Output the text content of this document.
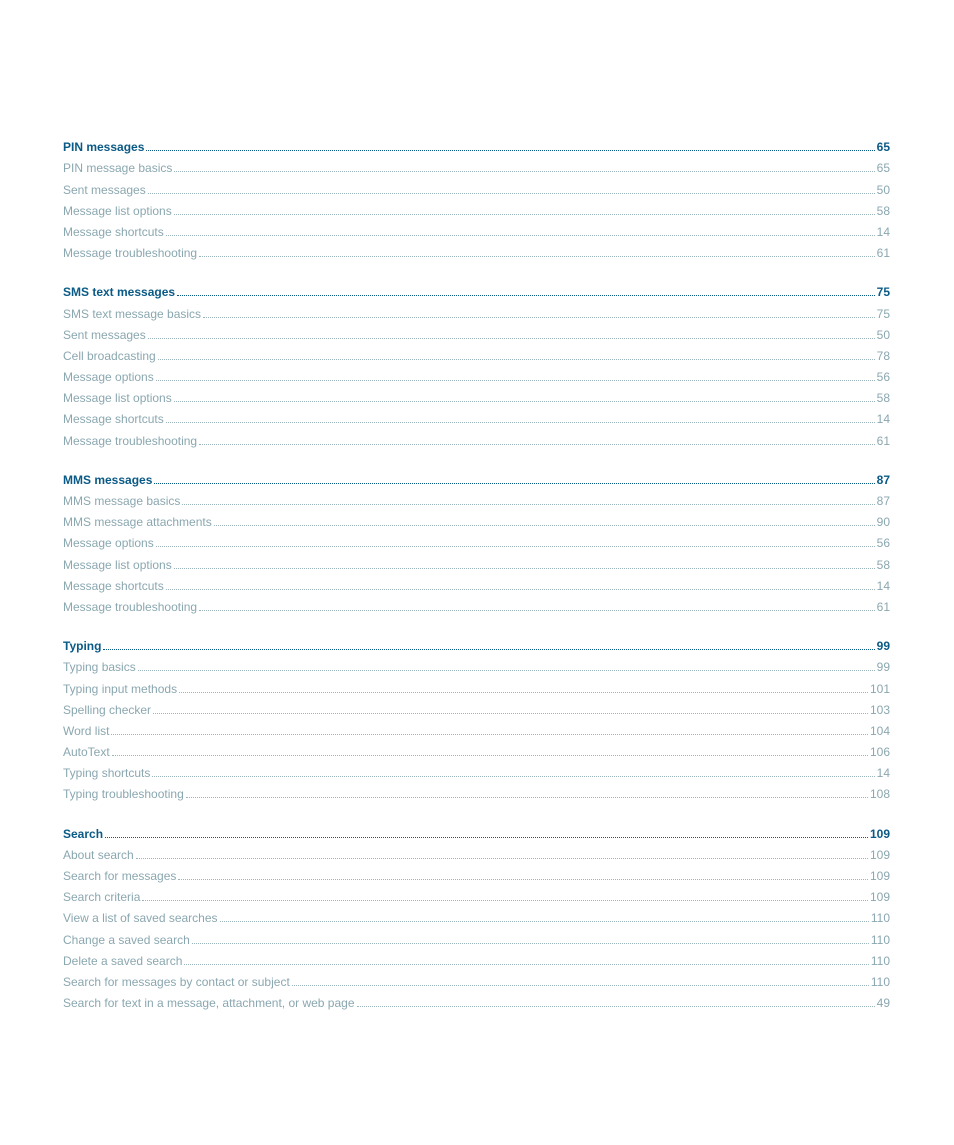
PIN messages	65
PIN message basics	65
Sent messages	50
Message list options	58
Message shortcuts	14
Message troubleshooting	61
SMS text messages	75
SMS text message basics	75
Sent messages	50
Cell broadcasting	78
Message options	56
Message list options	58
Message shortcuts	14
Message troubleshooting	61
MMS messages	87
MMS message basics	87
MMS message attachments	90
Message options	56
Message list options	58
Message shortcuts	14
Message troubleshooting	61
Typing	99
Typing basics	99
Typing input methods	101
Spelling checker	103
Word list	104
AutoText	106
Typing shortcuts	14
Typing troubleshooting	108
Search	109
About search	109
Search for messages	109
Search criteria	109
View a list of saved searches	110
Change a saved search	110
Delete a saved search	110
Search for messages by contact or subject	110
Search for text in a message, attachment, or web page	49
